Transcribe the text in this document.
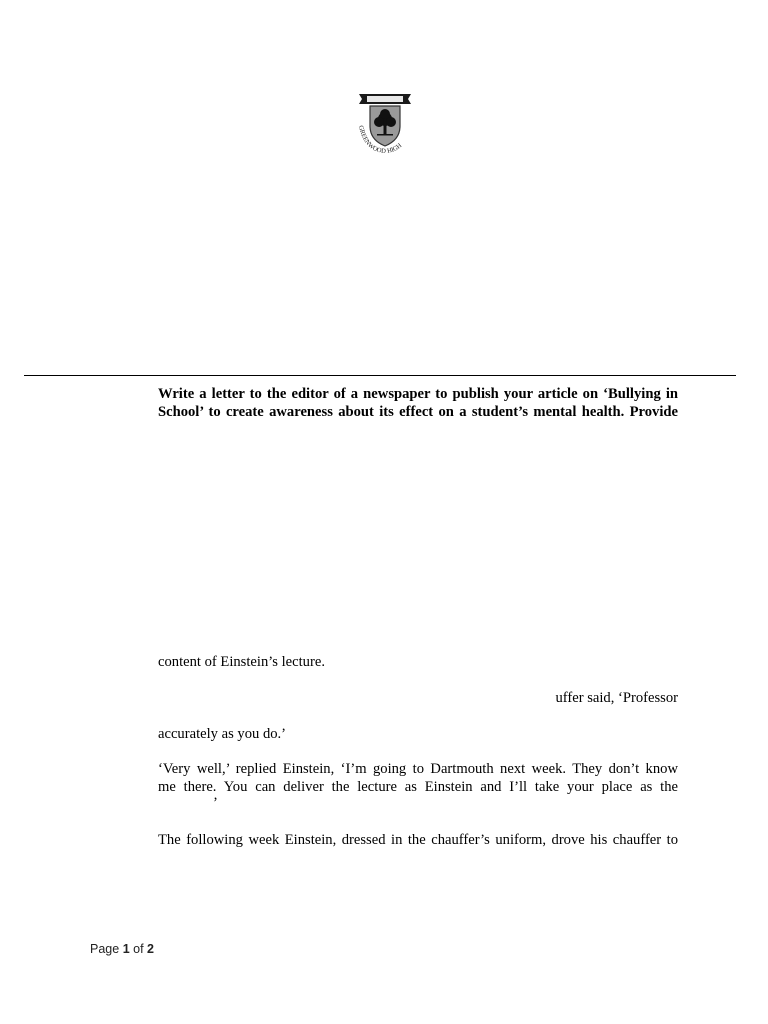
GREENWOOD HIGH

Write a letter to the editor of a newspaper to publish your article on ‘Bullying in

School’ to create awareness about its effect on a student’s mental health. Provide

content of Einstein’s lecture.

uffer said, ‘Professor

accurately as you do.’

‘Very well,’ replied Einstein, ‘I’m going to Dartmouth next week. They don’t know

me there. You can deliver the lecture as Einstein and I’ll take your place as the

’

The following week Einstein, dressed in the chauffer’s uniform, drove his chauffer to

Page 1 of 2
